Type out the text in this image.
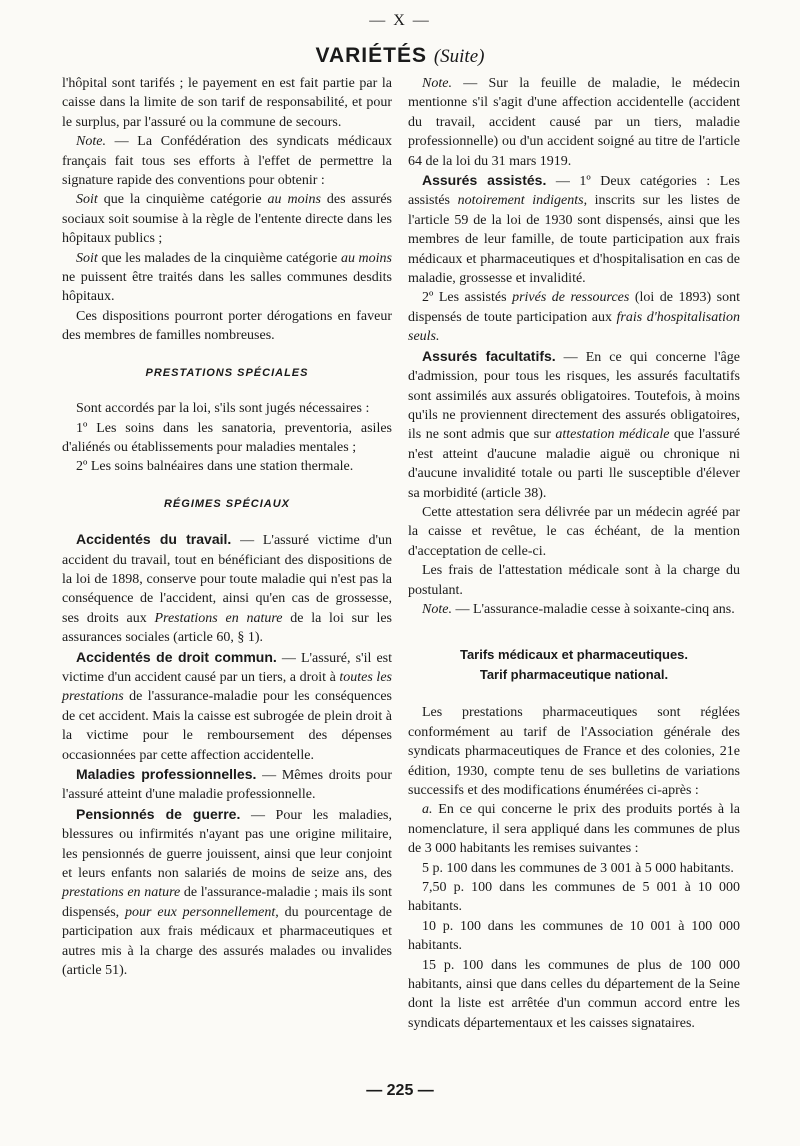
— X —
VARIÉTÉS (Suite)

l'hôpital sont tarifés ; le payement en est fait partie par la caisse dans la limite de son tarif de responsabilité, et pour le surplus, par l'assuré ou la commune de secours.

Note. — La Confédération des syndicats médicaux français fait tous ses efforts à l'effet de permettre la signature rapide des conventions pour obtenir :

Soit que la cinquième catégorie au moins des assurés sociaux soit soumise à la règle de l'entente directe dans les hôpitaux publics ;

Soit que les malades de la cinquième catégorie au moins ne puissent être traités dans les salles communes desdits hôpitaux.

Ces dispositions pourront porter dérogations en faveur des membres de familles nombreuses.

PRESTATIONS SPÉCIALES

Sont accordés par la loi, s'ils sont jugés nécessaires :

1º Les soins dans les sanatoria, preventoria, asiles d'aliénés ou établissements pour maladies mentales ;

2º Les soins balnéaires dans une station thermale.

RÉGIMES SPÉCIAUX

Accidentés du travail. — L'assuré victime d'un accident du travail, tout en bénéficiant des dispositions de la loi de 1898, conserve pour toute maladie qui n'est pas la conséquence de l'accident, ainsi qu'en cas de grossesse, ses droits aux Prestations en nature de la loi sur les assurances sociales (article 60, § 1).

Accidentés de droit commun. — L'assuré, s'il est victime d'un accident causé par un tiers, a droit à toutes les prestations de l'assurance-maladie pour les conséquences de cet accident. Mais la caisse est subrogée de plein droit à la victime pour le remboursement des dépenses occasionnées par cette affection accidentelle.

Maladies professionnelles. — Mêmes droits pour l'assuré atteint d'une maladie professionnelle.

Pensionnés de guerre. — Pour les maladies, blessures ou infirmités n'ayant pas une origine militaire, les pensionnés de guerre jouissent, ainsi que leur conjoint et leurs enfants non salariés de moins de seize ans, des prestations en nature de l'assurance-maladie ; mais ils sont dispensés, pour eux personnellement, du pourcentage de participation aux frais médicaux et pharmaceutiques et autres mis à la charge des assurés malades ou invalides (article 51).

Note. — Sur la feuille de maladie, le médecin mentionne s'il s'agit d'une affection accidentelle (accident du travail, accident causé par un tiers, maladie professionnelle) ou d'un accident soigné au titre de l'article 64 de la loi du 31 mars 1919.

Assurés assistés. — 1º Deux catégories : Les assistés notoirement indigents, inscrits sur les listes de l'article 59 de la loi de 1930 sont dispensés, ainsi que les membres de leur famille, de toute participation aux frais médicaux et pharmaceutiques et d'hospitalisation en cas de maladie, grossesse et invalidité.

2º Les assistés privés de ressources (loi de 1893) sont dispensés de toute participation aux frais d'hospitalisation seuls.

Assurés facultatifs. — En ce qui concerne l'âge d'admission, pour tous les risques, les assurés facultatifs sont assimilés aux assurés obligatoires. Toutefois, à moins qu'ils ne proviennent directement des assurés obligatoires, ils ne sont admis que sur attestation médicale que l'assuré n'est atteint d'aucune maladie aiguë ou chronique ni d'aucune invalidité totale ou parti lle susceptible d'élever sa morbidité (article 38).

Cette attestation sera délivrée par un médecin agréé par la caisse et revêtue, le cas échéant, de la mention d'acceptation de celle-ci.

Les frais de l'attestation médicale sont à la charge du postulant.

Note. — L'assurance-maladie cesse à soixante-cinq ans.

Tarifs médicaux et pharmaceutiques.
Tarif pharmaceutique national.

Les prestations pharmaceutiques sont réglées conformément au tarif de l'Association générale des syndicats pharmaceutiques de France et des colonies, 21e édition, 1930, compte tenu de ses bulletins de variations successifs et des modifications énumérées ci-après :

a. En ce qui concerne le prix des produits portés à la nomenclature, il sera appliqué dans les communes de plus de 3 000 habitants les remises suivantes :

5 p. 100 dans les communes de 3 001 à 5 000 habitants.

7,50 p. 100 dans les communes de 5 001 à 10 000 habitants.

10 p. 100 dans les communes de 10 001 à 100 000 habitants.

15 p. 100 dans les communes de plus de 100 000 habitants, ainsi que dans celles du département de la Seine dont la liste est arrêtée d'un commun accord entre les syndicats départementaux et les caisses signataires.

— 225 —
